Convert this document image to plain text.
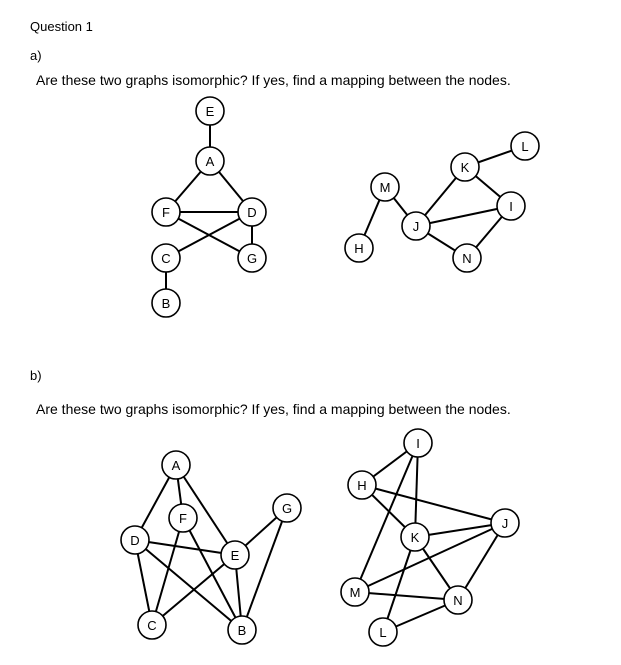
Question 1
a)
Are these two graphs isomorphic? If yes, find a mapping between the nodes.
b)
Are these two graphs isomorphic? If yes, find a mapping between the nodes.
E
A
F	D
C	G
B
M
H
J
K
L
I
N
A
F
G
D
E
C	B
I
H
J
K
M
N
L
